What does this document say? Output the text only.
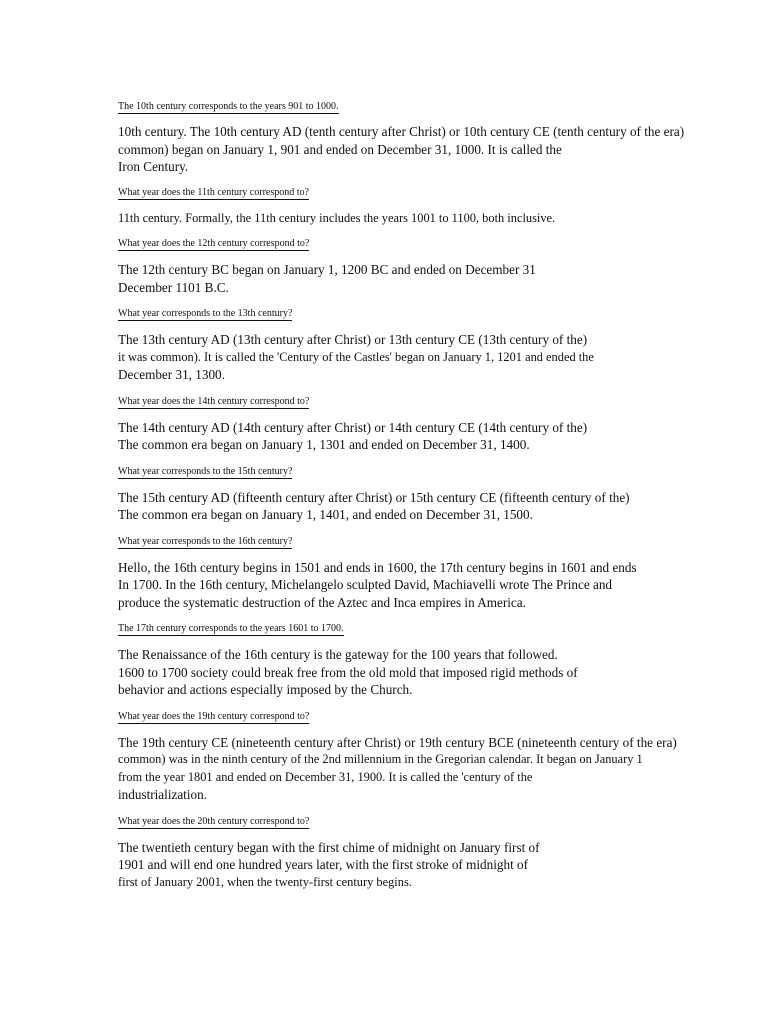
The 10th century corresponds to the years 901 to 1000.

10th century. The 10th century AD (tenth century after Christ) or 10th century CE (tenth century of the era)
common) began on January 1, 901 and ended on December 31, 1000. It is called the
Iron Century.

What year does the 11th century correspond to?

11th century. Formally, the 11th century includes the years 1001 to 1100, both inclusive.

What year does the 12th century correspond to?

The 12th century BC began on January 1, 1200 BC and ended on December 31
December 1101 B.C.

What year corresponds to the 13th century?

The 13th century AD (13th century after Christ) or 13th century CE (13th century of the)
it was common). It is called the 'Century of the Castles' began on January 1, 1201 and ended the
December 31, 1300.

What year does the 14th century correspond to?

The 14th century AD (14th century after Christ) or 14th century CE (14th century of the)
The common era began on January 1, 1301 and ended on December 31, 1400.

What year corresponds to the 15th century?

The 15th century AD (fifteenth century after Christ) or 15th century CE (fifteenth century of the)
The common era began on January 1, 1401, and ended on December 31, 1500.

What year corresponds to the 16th century?

Hello, the 16th century begins in 1501 and ends in 1600, the 17th century begins in 1601 and ends
In 1700. In the 16th century, Michelangelo sculpted David, Machiavelli wrote The Prince and
produce the systematic destruction of the Aztec and Inca empires in America.

The 17th century corresponds to the years 1601 to 1700.

The Renaissance of the 16th century is the gateway for the 100 years that followed.
1600 to 1700 society could break free from the old mold that imposed rigid methods of
behavior and actions especially imposed by the Church.

What year does the 19th century correspond to?

The 19th century CE (nineteenth century after Christ) or 19th century BCE (nineteenth century of the era)
common) was in the ninth century of the 2nd millennium in the Gregorian calendar. It began on January 1
from the year 1801 and ended on December 31, 1900. It is called the 'century of the
industrialization.

What year does the 20th century correspond to?

The twentieth century began with the first chime of midnight on January first of
1901 and will end one hundred years later, with the first stroke of midnight of
first of January 2001, when the twenty-first century begins.
